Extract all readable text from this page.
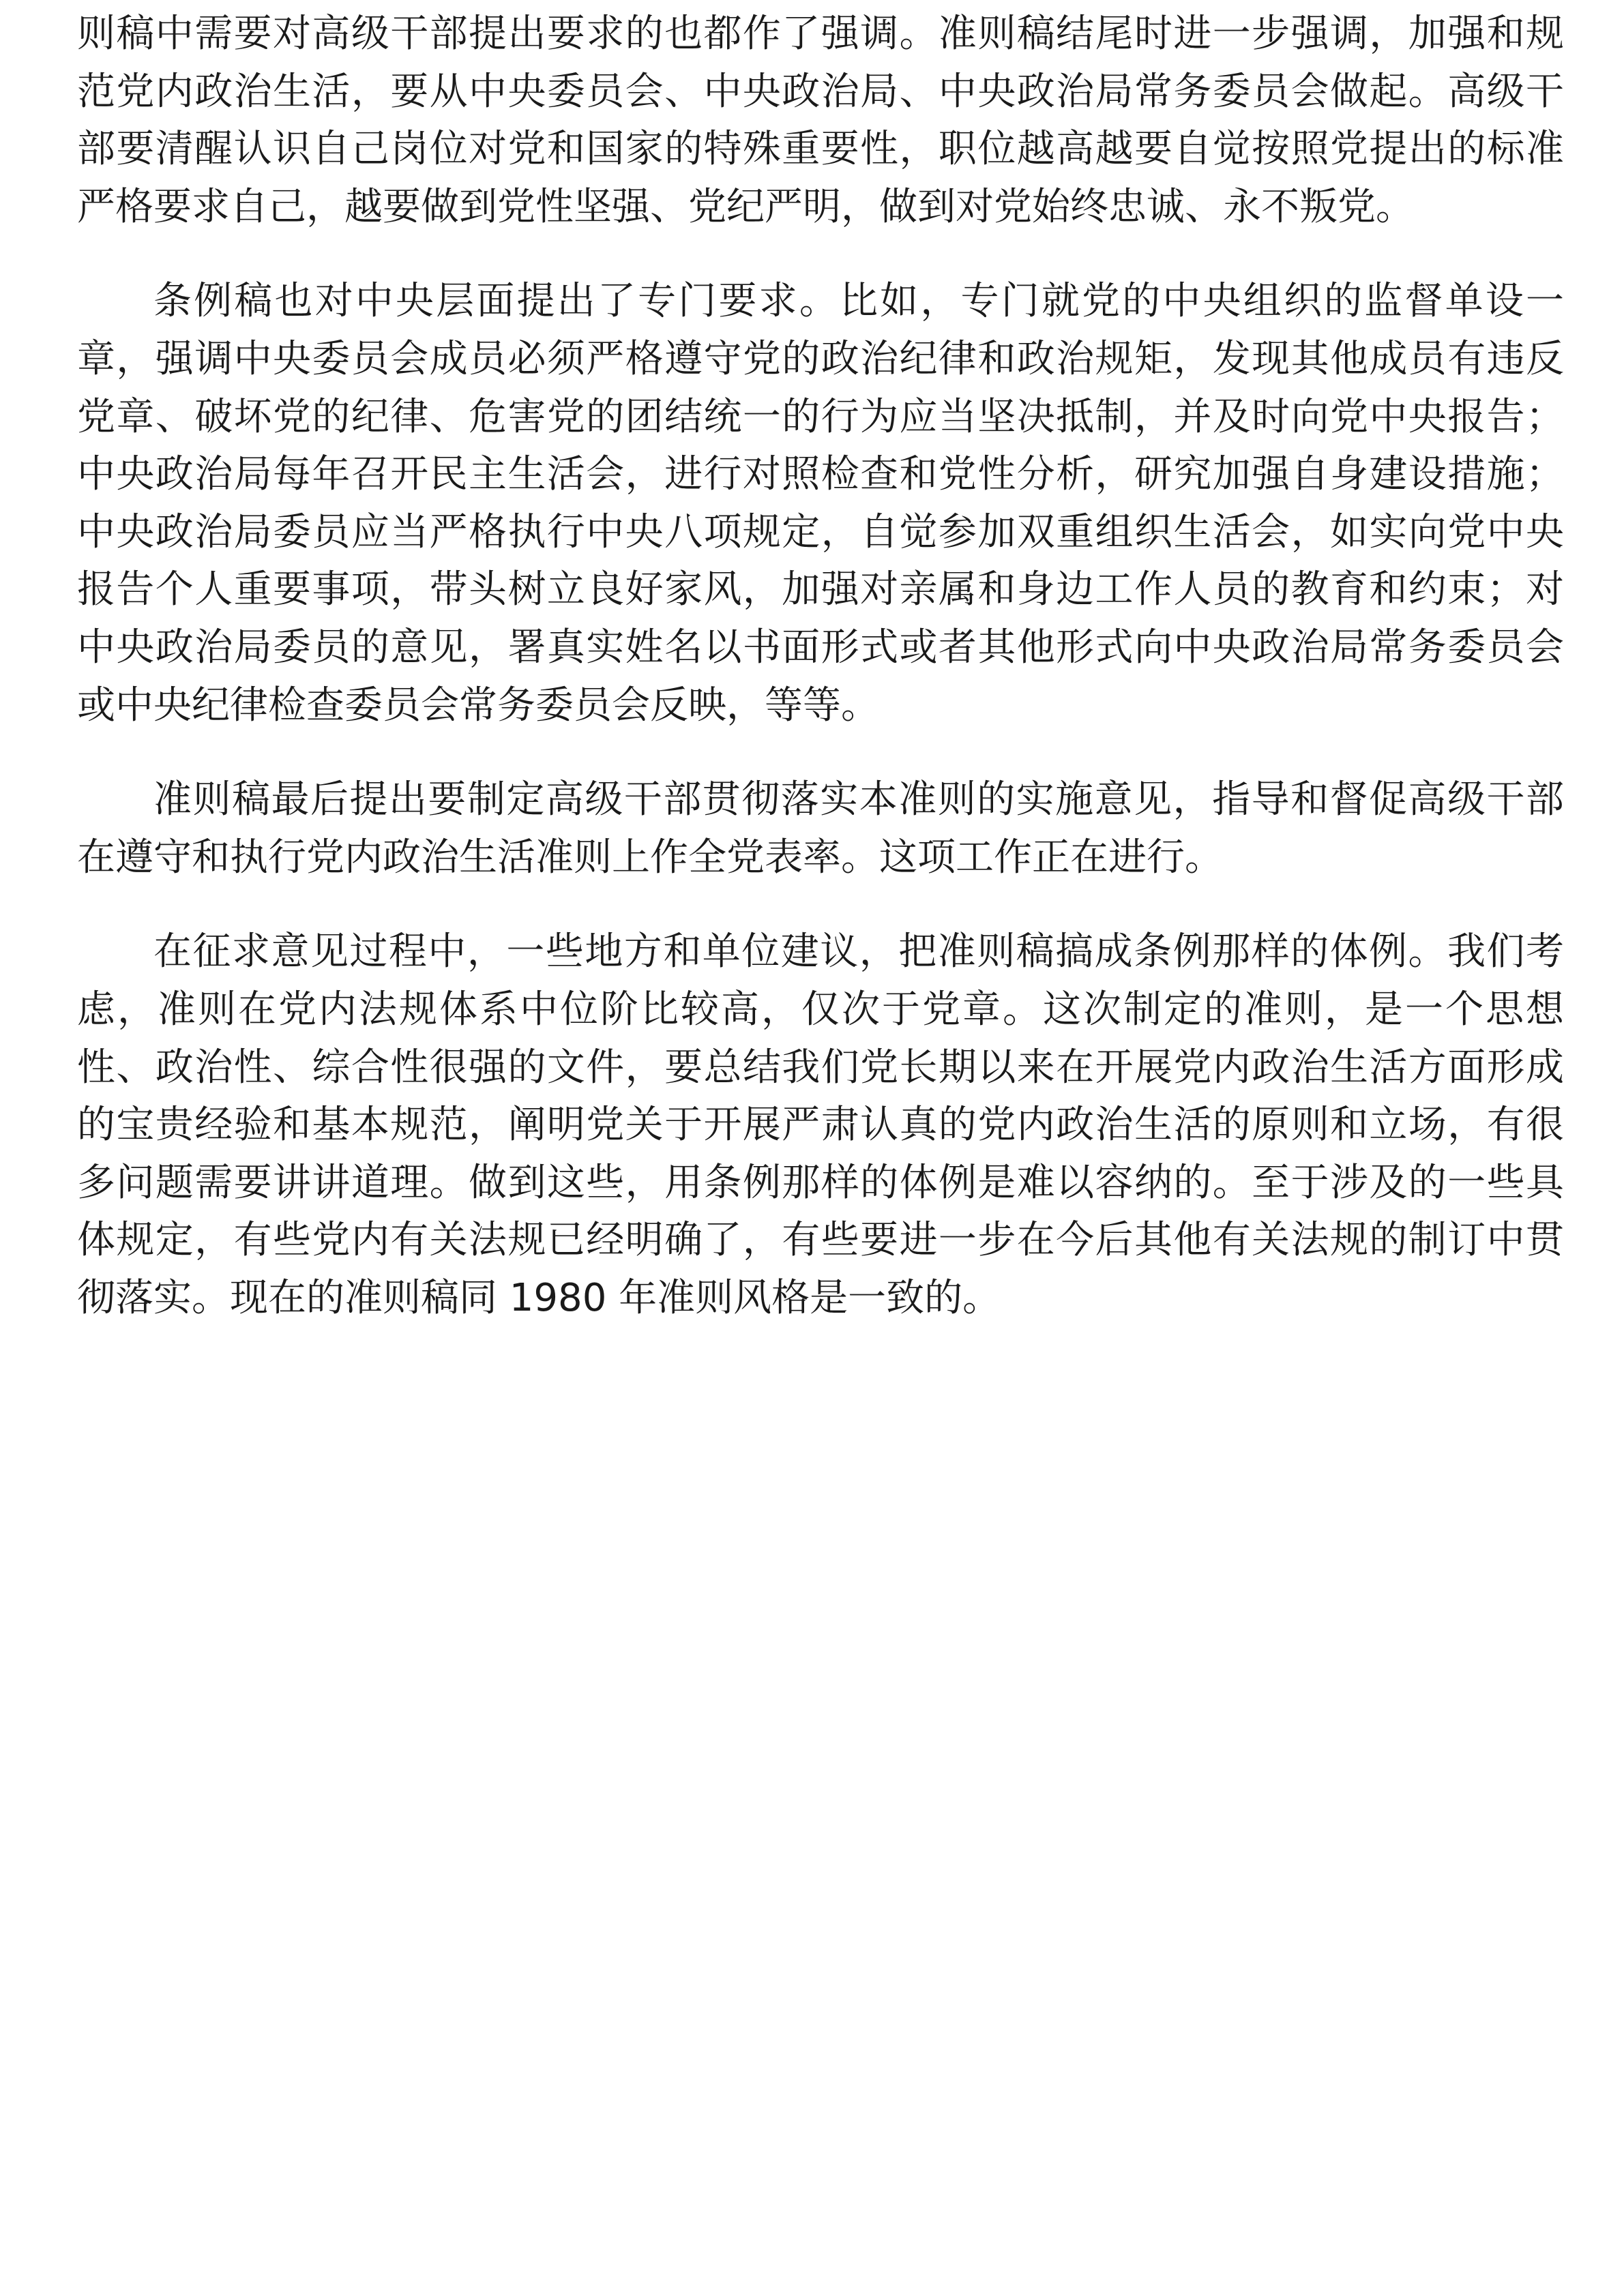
则稿中需要对高级干部提出要求的也都作了强调。准则稿结尾时进一步强调，加强和规范党内政治生活，要从中央委员会、中央政治局、中央政治局常务委员会做起。高级干部要清醒认识自己岗位对党和国家的特殊重要性，职位越高越要自觉按照党提出的标准严格要求自己，越要做到党性坚强、党纪严明，做到对党始终忠诚、永不叛党。

条例稿也对中央层面提出了专门要求。比如，专门就党的中央组织的监督单设一章，强调中央委员会成员必须严格遵守党的政治纪律和政治规矩，发现其他成员有违反党章、破坏党的纪律、危害党的团结统一的行为应当坚决抵制，并及时向党中央报告；中央政治局每年召开民主生活会，进行对照检查和党性分析，研究加强自身建设措施；中央政治局委员应当严格执行中央八项规定，自觉参加双重组织生活会，如实向党中央报告个人重要事项，带头树立良好家风，加强对亲属和身边工作人员的教育和约束；对中央政治局委员的意见，署真实姓名以书面形式或者其他形式向中央政治局常务委员会或中央纪律检查委员会常务委员会反映，等等。

准则稿最后提出要制定高级干部贯彻落实本准则的实施意见，指导和督促高级干部在遵守和执行党内政治生活准则上作全党表率。这项工作正在进行。

在征求意见过程中，一些地方和单位建议，把准则稿搞成条例那样的体例。我们考虑，准则在党内法规体系中位阶比较高，仅次于党章。这次制定的准则，是一个思想性、政治性、综合性很强的文件，要总结我们党长期以来在开展党内政治生活方面形成的宝贵经验和基本规范，阐明党关于开展严肃认真的党内政治生活的原则和立场，有很多问题需要讲讲道理。做到这些，用条例那样的体例是难以容纳的。至于涉及的一些具体规定，有些党内有关法规已经明确了，有些要进一步在今后其他有关法规的制订中贯彻落实。现在的准则稿同 1980 年准则风格是一致的。
